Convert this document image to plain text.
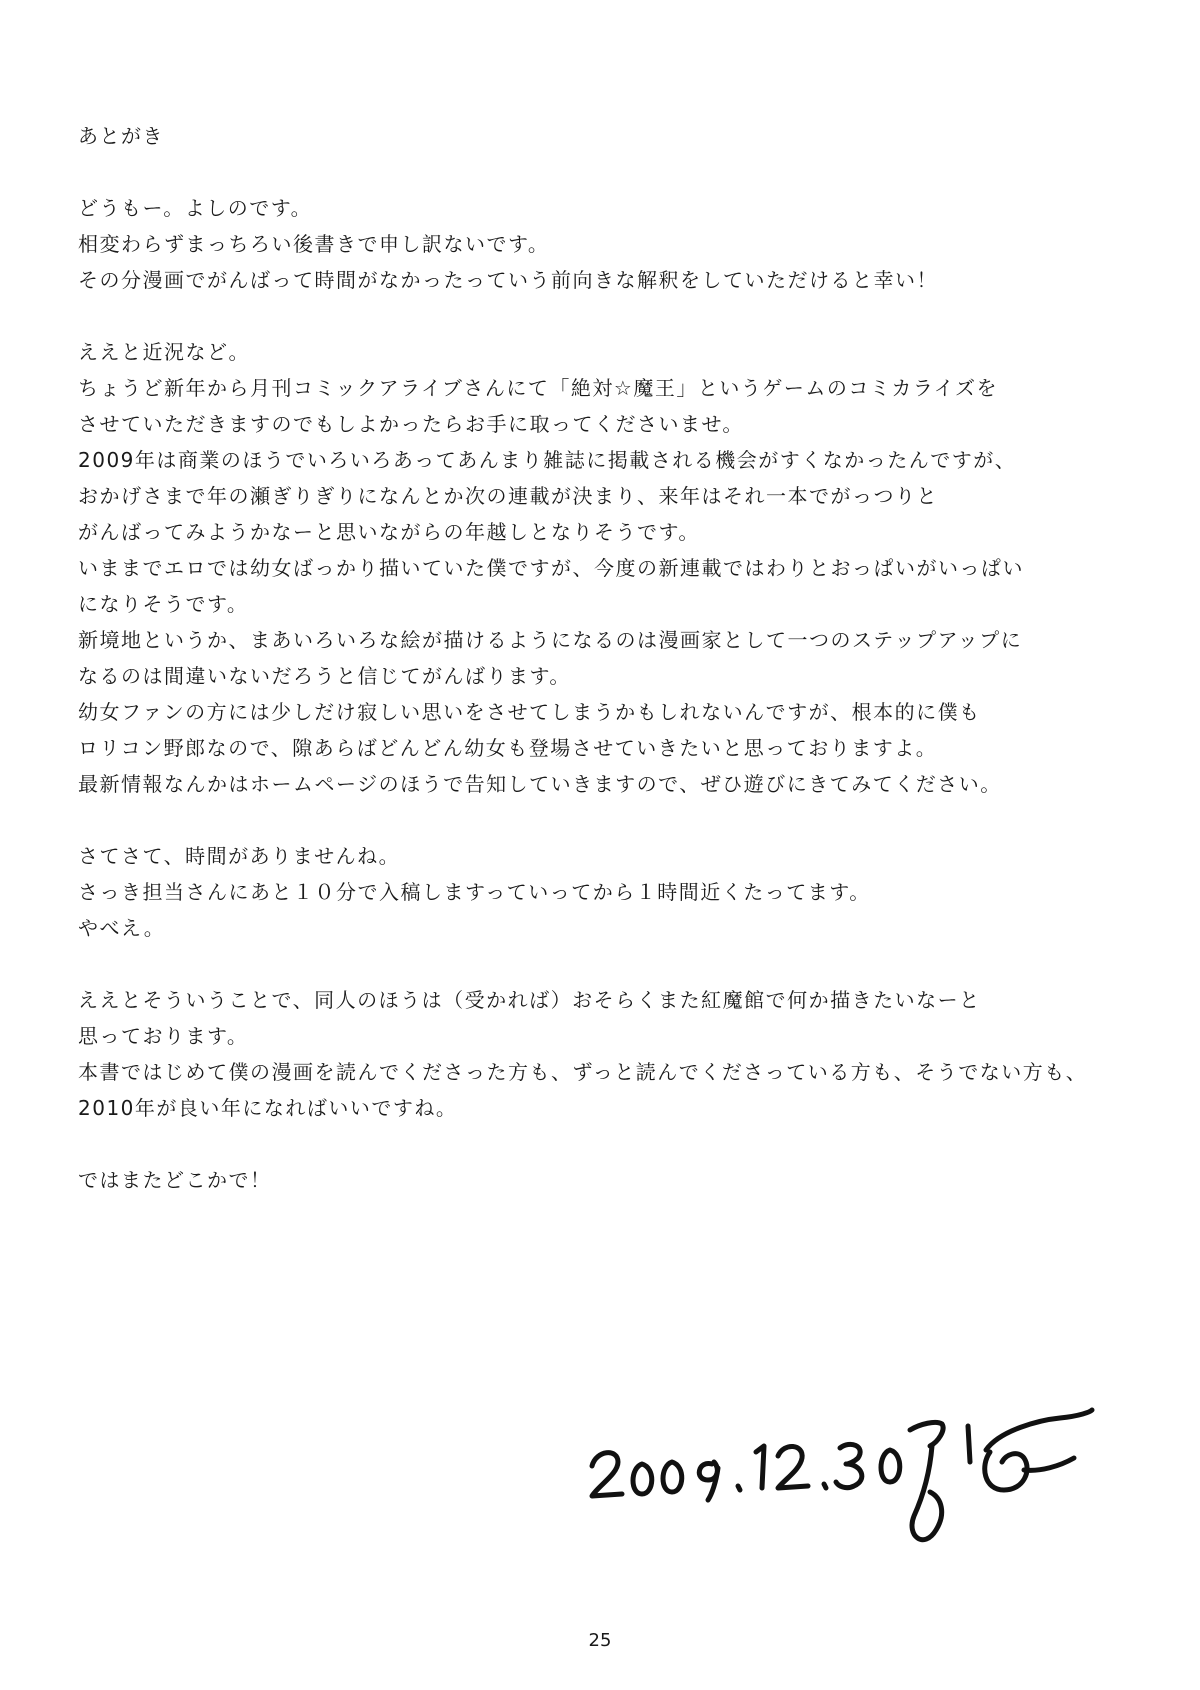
あとがき
どうもー。よしのです。
相変わらずまっちろい後書きで申し訳ないです。
その分漫画でがんばって時間がなかったっていう前向きな解釈をしていただけると幸い！
ええと近況など。
ちょうど新年から月刊コミックアライブさんにて「絶対☆魔王」というゲームのコミカライズを
させていただきますのでもしよかったらお手に取ってくださいませ。
2009年は商業のほうでいろいろあってあんまり雑誌に掲載される機会がすくなかったんですが、
おかげさまで年の瀬ぎりぎりになんとか次の連載が決まり、来年はそれ一本でがっつりと
がんばってみようかなーと思いながらの年越しとなりそうです。
いままでエロでは幼女ばっかり描いていた僕ですが、今度の新連載ではわりとおっぱいがいっぱい
になりそうです。
新境地というか、まあいろいろな絵が描けるようになるのは漫画家として一つのステップアップに
なるのは間違いないだろうと信じてがんばります。
幼女ファンの方には少しだけ寂しい思いをさせてしまうかもしれないんですが、根本的に僕も
ロリコン野郎なので、隙あらばどんどん幼女も登場させていきたいと思っておりますよ。
最新情報なんかはホームページのほうで告知していきますので、ぜひ遊びにきてみてください。
さてさて、時間がありませんね。
さっき担当さんにあと１０分で入稿しますっていってから１時間近くたってます。
やべえ。
ええとそういうことで、同人のほうは（受かれば）おそらくまた紅魔館で何か描きたいなーと
思っております。
本書ではじめて僕の漫画を読んでくださった方も、ずっと読んでくださっている方も、そうでない方も、
2010年が良い年になればいいですね。
ではまたどこかで！
25
